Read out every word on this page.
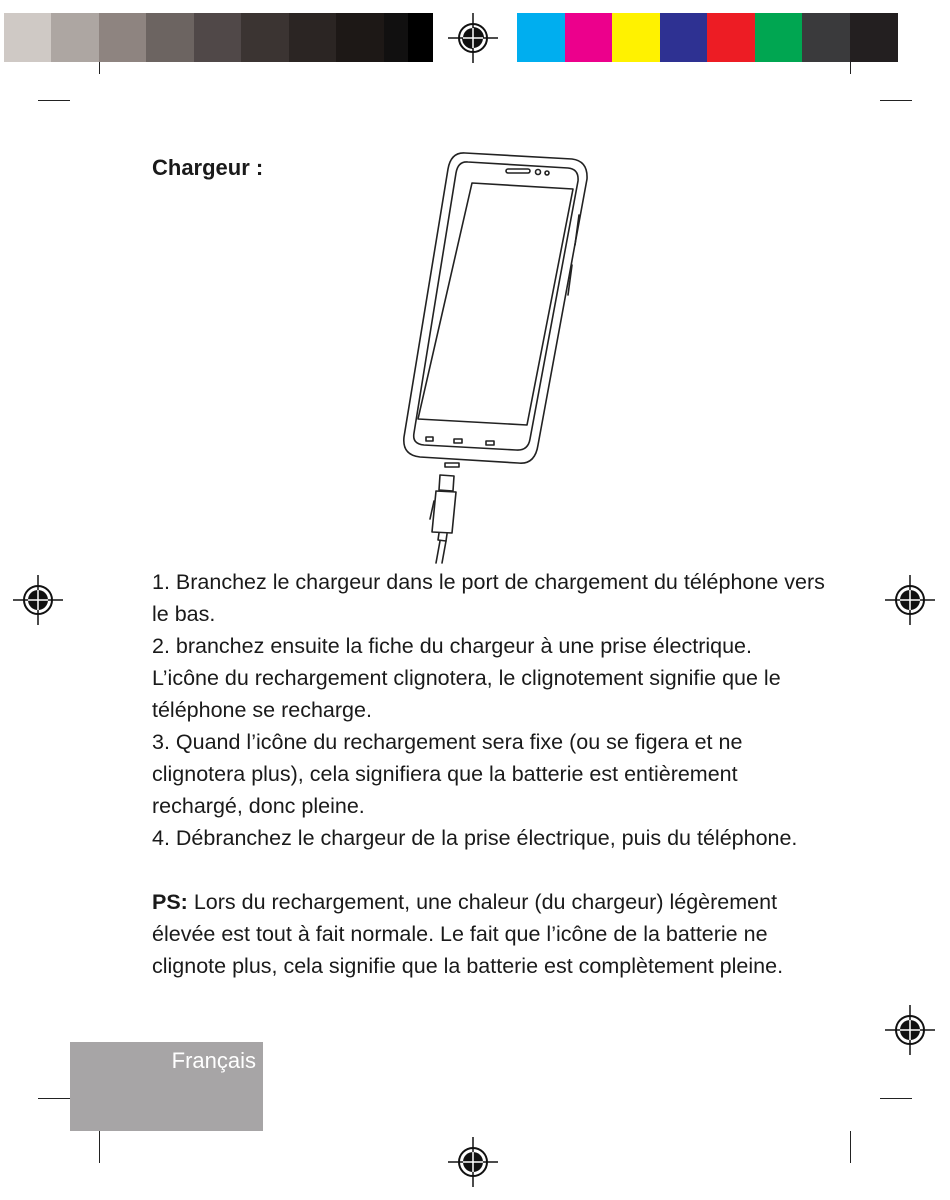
Chargeur :

1. Branchez le chargeur dans le port de chargement du téléphone vers le bas.

2. branchez ensuite la fiche du chargeur à une prise électrique.

L’icône du rechargement clignotera, le clignotement signifie que le téléphone se recharge.

3. Quand l’icône du rechargement sera fixe (ou se figera et ne clignotera plus), cela signifiera que la batterie est entièrement rechargé, donc pleine.

4. Débranchez le chargeur de la prise électrique, puis du téléphone.

PS: Lors du rechargement, une chaleur (du chargeur) légèrement élevée est tout à fait normale. Le fait que l’icône de la batterie ne clignote plus, cela signifie que la batterie est complètement pleine.

Français
